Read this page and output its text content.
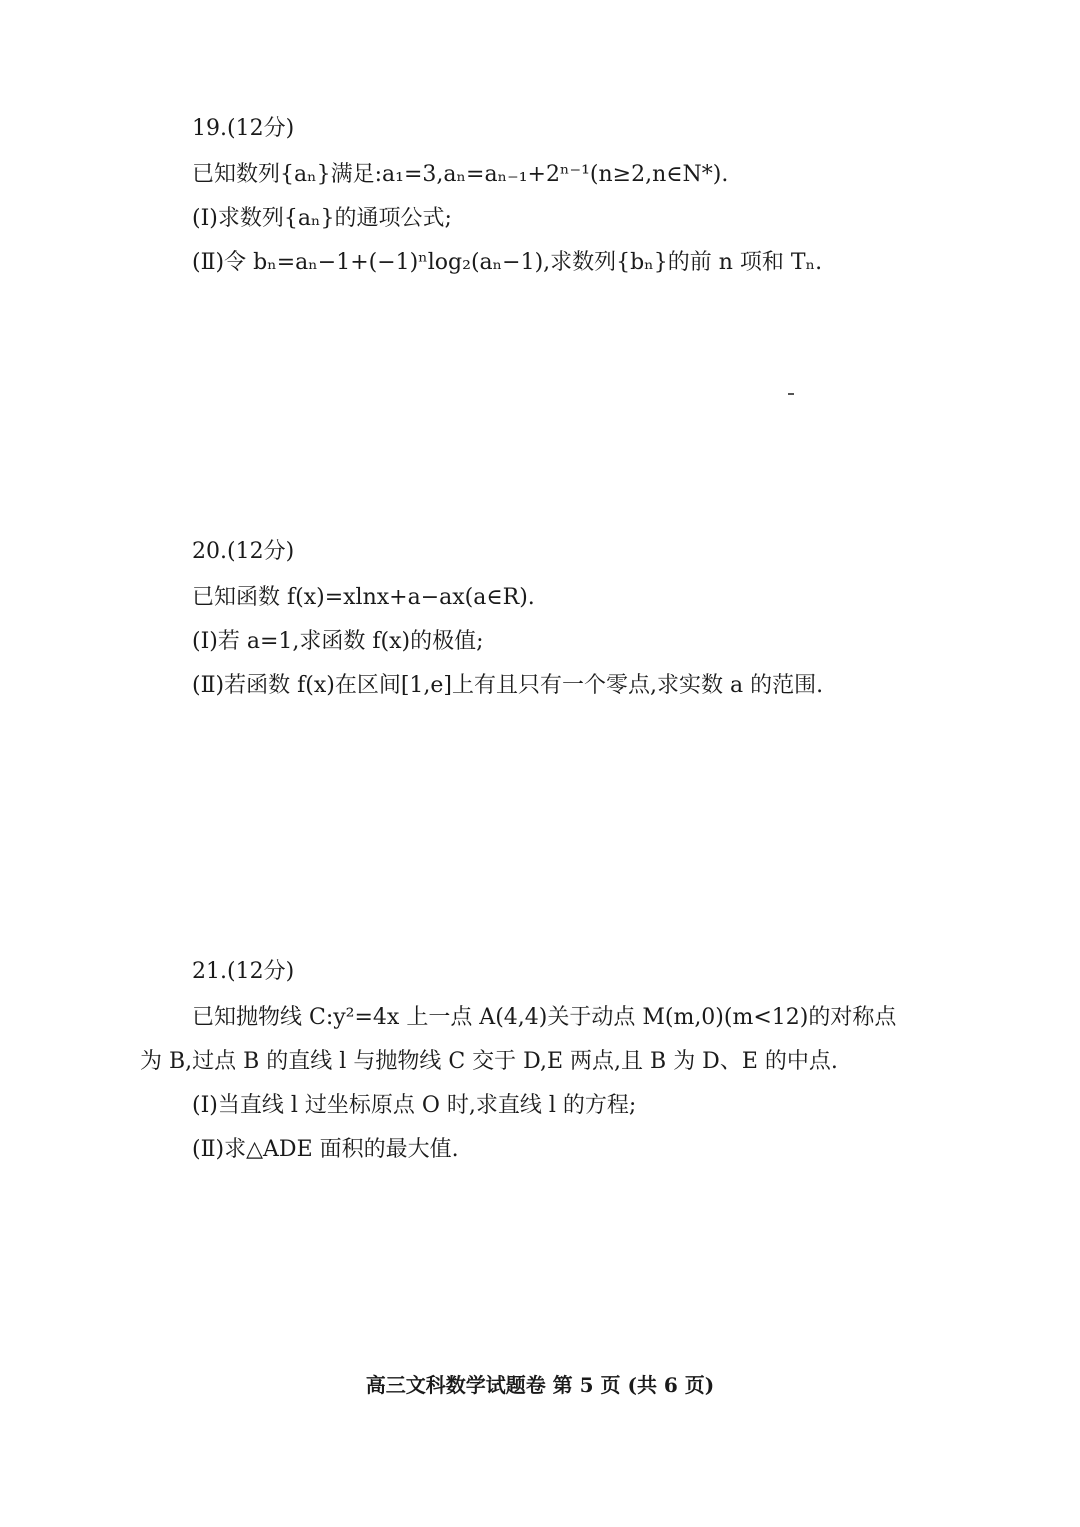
19.(12分)
已知数列{aₙ}满足:a₁=3,aₙ=aₙ₋₁+2ⁿ⁻¹(n≥2,n∈N*).
(Ⅰ)求数列{aₙ}的通项公式;
(Ⅱ)令 bₙ=aₙ−1+(−1)ⁿlog₂(aₙ−1),求数列{bₙ}的前 n 项和 Tₙ.
20.(12分)
已知函数 f(x)=xlnx+a−ax(a∈R).
(Ⅰ)若 a=1,求函数 f(x)的极值;
(Ⅱ)若函数 f(x)在区间[1,e]上有且只有一个零点,求实数 a 的范围.
21.(12分)
已知抛物线 C:y²=4x 上一点 A(4,4)关于动点 M(m,0)(m<12)的对称点
为 B,过点 B 的直线 l 与抛物线 C 交于 D,E 两点,且 B 为 D、E 的中点.
(Ⅰ)当直线 l 过坐标原点 O 时,求直线 l 的方程;
(Ⅱ)求△ADE 面积的最大值.
高三文科数学试题卷 第 5 页 (共 6 页)
